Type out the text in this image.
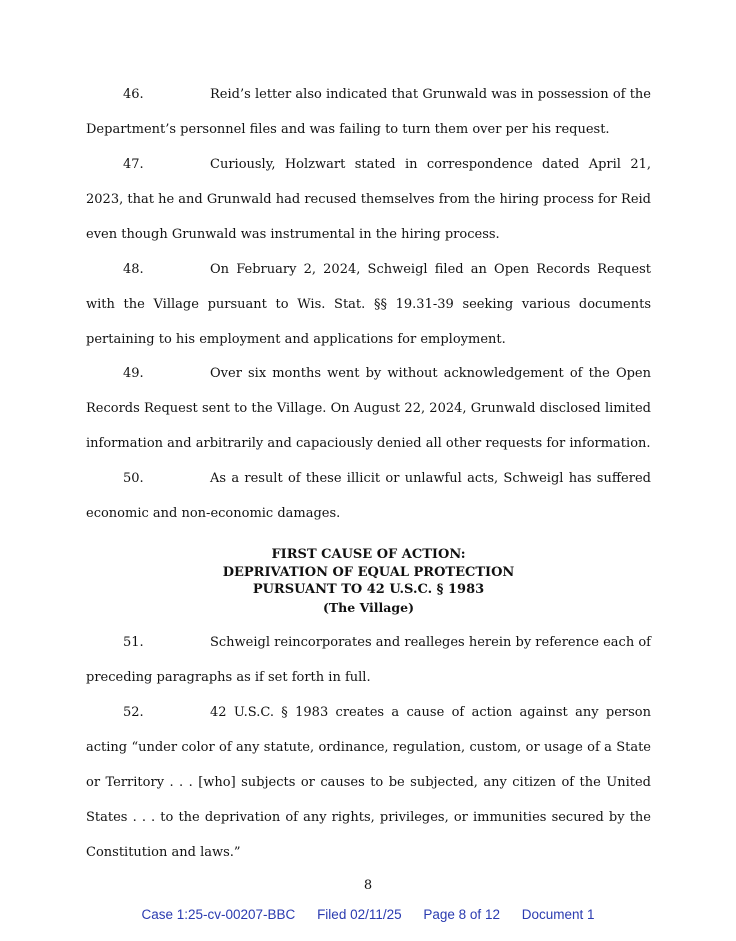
46.	Reid’s letter also indicated that Grunwald was in possession of the Department’s personnel files and was failing to turn them over per his request.

47.	Curiously, Holzwart stated in correspondence dated April 21, 2023, that he and Grunwald had recused themselves from the hiring process for Reid even though Grunwald was instrumental in the hiring process.

48.	On February 2, 2024, Schweigl filed an Open Records Request with the Village pursuant to Wis. Stat. §§ 19.31-39 seeking various documents pertaining to his employment and applications for employment.

49.	Over six months went by without acknowledgement of the Open Records Request sent to the Village. On August 22, 2024, Grunwald disclosed limited information and arbitrarily and capaciously denied all other requests for information.

50.	As a result of these illicit or unlawful acts, Schweigl has suffered economic and non-economic damages.

FIRST CAUSE OF ACTION:
DEPRIVATION OF EQUAL PROTECTION
PURSUANT TO 42 U.S.C. § 1983
(The Village)

51.	Schweigl reincorporates and realleges herein by reference each of preceding paragraphs as if set forth in full.

52.	42 U.S.C. § 1983 creates a cause of action against any person acting “under color of any statute, ordinance, regulation, custom, or usage of a State or Territory . . . [who] subjects or causes to be subjected, any citizen of the United States . . . to the deprivation of any rights, privileges, or immunities secured by the Constitution and laws.”

8
Case 1:25-cv-00207-BBC Filed 02/11/25 Page 8 of 12 Document 1
